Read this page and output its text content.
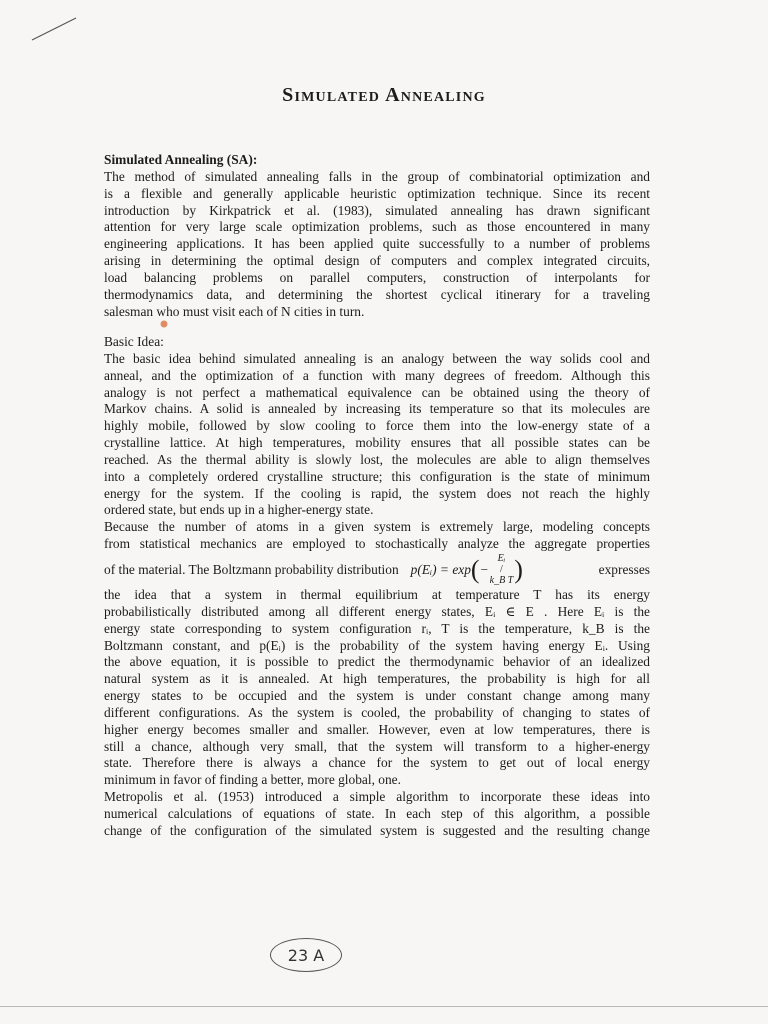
Simulated Annealing
Simulated Annealing (SA):
The method of simulated annealing falls in the group of combinatorial optimization and
is a flexible and generally applicable heuristic optimization technique. Since its recent
introduction by Kirkpatrick et al. (1983), simulated annealing has drawn significant
attention for very large scale optimization problems, such as those encountered in many
engineering applications. It has been applied quite successfully to a number of problems
arising in determining the optimal design of computers and complex integrated circuits,
load balancing problems on parallel computers, construction of interpolants for
thermodynamics data, and determining the shortest cyclical itinerary for a traveling
salesman who must visit each of N cities in turn.
Basic Idea:
The basic idea behind simulated annealing is an analogy between the way solids cool and
anneal, and the optimization of a function with many degrees of freedom. Although this
analogy is not perfect a mathematical equivalence can be obtained using the theory of
Markov chains. A solid is annealed by increasing its temperature so that its molecules are
highly mobile, followed by slow cooling to force them into the low-energy state of a
crystalline lattice. At high temperatures, mobility ensures that all possible states can be
reached. As the thermal ability is slowly lost, the molecules are able to align themselves
into a completely ordered crystalline structure; this configuration is the state of minimum
energy for the system. If the cooling is rapid, the system does not reach the highly
ordered state, but ends up in a higher-energy state.
Because the number of atoms in a given system is extremely large, modeling concepts
from statistical mechanics are employed to stochastically analyze the aggregate properties
of the material. The Boltzmann probability distribution p(Eᵢ) = exp ( −
Eᵢ
/
k_B T )	expresses
the idea that a system in thermal equilibrium at temperature T has its energy
probabilistically distributed among all different energy states, Eᵢ ∈ E . Here Eᵢ is the
energy state corresponding to system configuration rᵢ, T is the temperature, k_B is the
Boltzmann constant, and p(Eᵢ) is the probability of the system having energy Eᵢ. Using
the above equation, it is possible to predict the thermodynamic behavior of an idealized
natural system as it is annealed. At high temperatures, the probability is high for all
energy states to be occupied and the system is under constant change among many
different configurations. As the system is cooled, the probability of changing to states of
higher energy becomes smaller and smaller. However, even at low temperatures, there is
still a chance, although very small, that the system will transform to a higher-energy
state. Therefore there is always a chance for the system to get out of local energy
minimum in favor of finding a better, more global, one.
Metropolis et al. (1953) introduced a simple algorithm to incorporate these ideas into
numerical calculations of equations of state. In each step of this algorithm, a possible
change of the configuration of the simulated system is suggested and the resulting change
23 A
